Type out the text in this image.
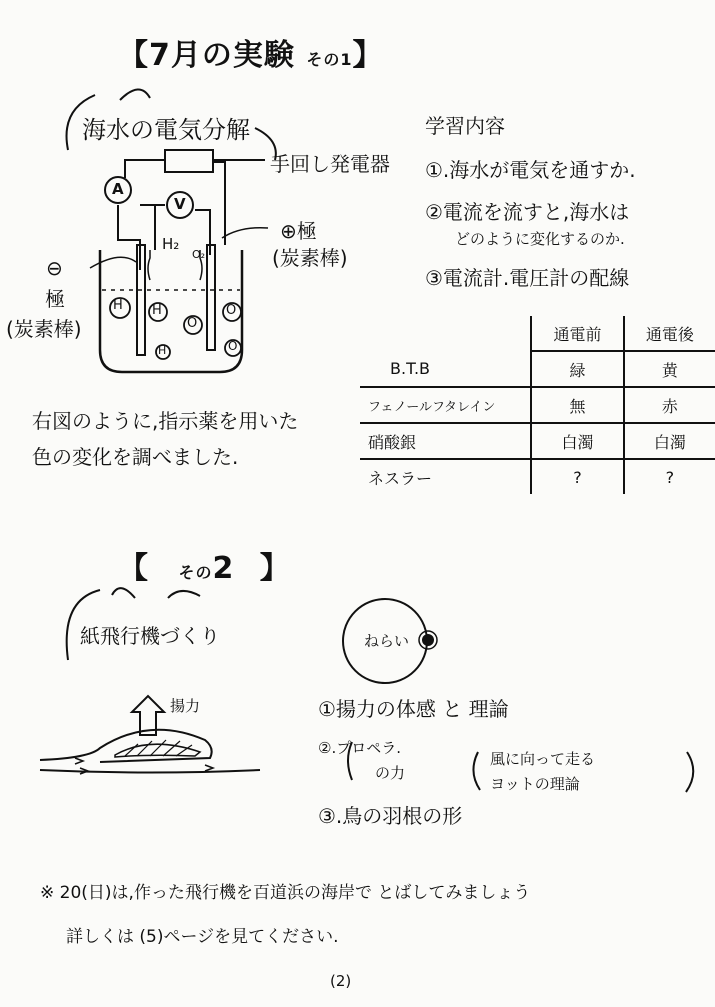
【7月の実験 その1】
海水の電気分解
手回し発電器
A
V
H₂
O₂
⊖
極
(炭素棒)
⊕極
(炭素棒)
H H
H
O
O
O
学習内容
①.海水が電気を通すか.
②電流を流すと,海水は
どのように変化するのか.
③電流計.電圧計の配線
右図のように,指示薬を用いた
色の変化を調べました.
	通電前	通電後
B.T.B	緑	黄
フェノールフタレイン	無	赤
硝酸銀	白濁	白濁
ネスラー	?	?
【 その2 】
紙飛行機づくり	ねらい
揚力	①揚力の体感 と 理論
②.プロペラ.
の力
③.鳥の羽根の形
風に向って走る
ヨットの理論
※ 20(日)は,作った飛行機を百道浜の海岸で とばしてみましょう
詳しくは (5)ページを見てください.
(2)
